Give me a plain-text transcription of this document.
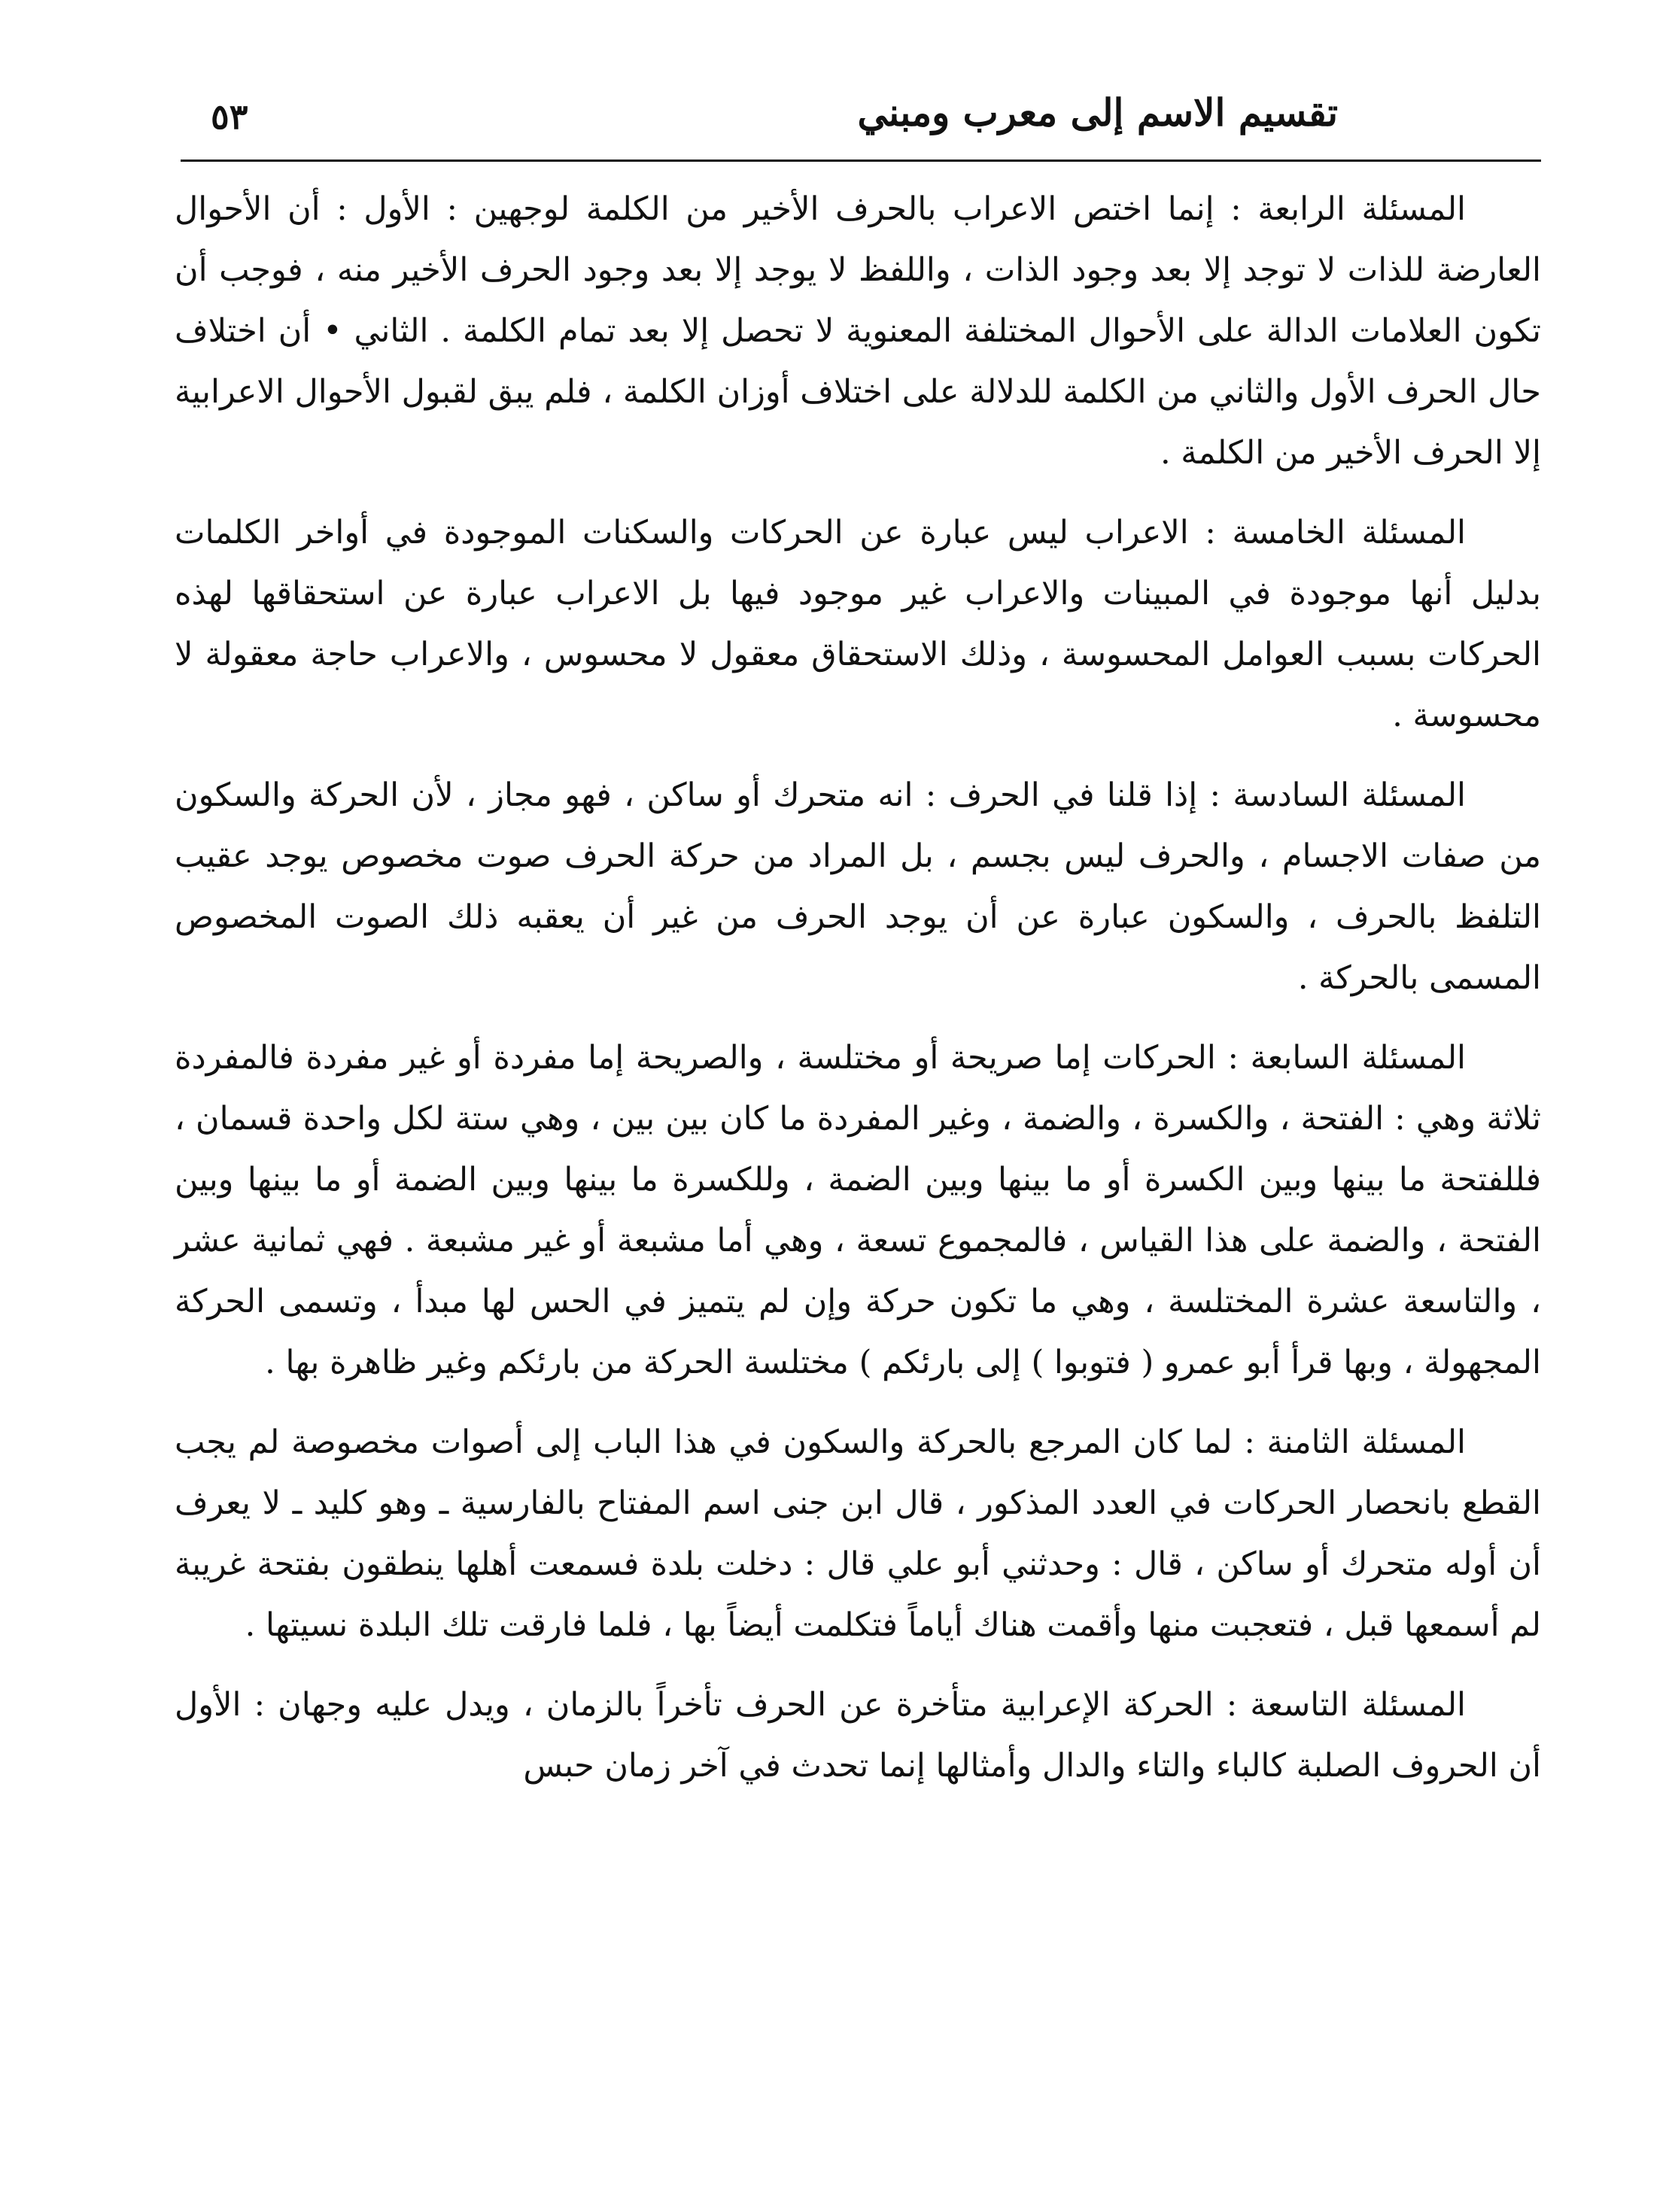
تقسيم الاسم إلى معرب ومبني
٥٣

المسئلة الرابعة : إنما اختص الاعراب بالحرف الأخير من الكلمة لوجهين : الأول : أن الأحوال العارضة للذات لا توجد إلا بعد وجود الذات ، واللفظ لا يوجد إلا بعد وجود الحرف الأخير منه ، فوجب أن تكون العلامات الدالة على الأحوال المختلفة المعنوية لا تحصل إلا بعد تمام الكلمة . الثاني • أن اختلاف حال الحرف الأول والثاني من الكلمة للدلالة على اختلاف أوزان الكلمة ، فلم يبق لقبول الأحوال الاعرابية إلا الحرف الأخير من الكلمة .

المسئلة الخامسة : الاعراب ليس عبارة عن الحركات والسكنات الموجودة في أواخر الكلمات بدليل أنها موجودة في المبينات والاعراب غير موجود فيها بل الاعراب عبارة عن استحقاقها لهذه الحركات بسبب العوامل المحسوسة ، وذلك الاستحقاق معقول لا محسوس ، والاعراب حاجة معقولة لا محسوسة .

المسئلة السادسة : إذا قلنا في الحرف : انه متحرك أو ساكن ، فهو مجاز ، لأن الحركة والسكون من صفات الاجسام ، والحرف ليس بجسم ، بل المراد من حركة الحرف صوت مخصوص يوجد عقيب التلفظ بالحرف ، والسكون عبارة عن أن يوجد الحرف من غير أن يعقبه ذلك الصوت المخصوص المسمى بالحركة .

المسئلة السابعة : الحركات إما صريحة أو مختلسة ، والصريحة إما مفردة أو غير مفردة فالمفردة ثلاثة وهي : الفتحة ، والكسرة ، والضمة ، وغير المفردة ما كان بين بين ، وهي ستة لكل واحدة قسمان ، فللفتحة ما بينها وبين الكسرة أو ما بينها وبين الضمة ، وللكسرة ما بينها وبين الضمة أو ما بينها وبين الفتحة ، والضمة على هذا القياس ، فالمجموع تسعة ، وهي أما مشبعة أو غير مشبعة . فهي ثمانية عشر ، والتاسعة عشرة المختلسة ، وهي ما تكون حركة وإن لم يتميز في الحس لها مبدأ ، وتسمى الحركة المجهولة ، وبها قرأ أبو عمرو ( فتوبوا ) إلى بارئكم ) مختلسة الحركة من بارئكم وغير ظاهرة بها .

المسئلة الثامنة : لما كان المرجع بالحركة والسكون في هذا الباب إلى أصوات مخصوصة لم يجب القطع بانحصار الحركات في العدد المذكور ، قال ابن جنى اسم المفتاح بالفارسية ـ وهو كليد ـ لا يعرف أن أوله متحرك أو ساكن ، قال : وحدثني أبو علي قال : دخلت بلدة فسمعت أهلها ينطقون بفتحة غريبة لم أسمعها قبل ، فتعجبت منها وأقمت هناك أياماً فتكلمت أيضاً بها ، فلما فارقت تلك البلدة نسيتها .

المسئلة التاسعة : الحركة الإعرابية متأخرة عن الحرف تأخراً بالزمان ، ويدل عليه وجهان : الأول أن الحروف الصلبة كالباء والتاء والدال وأمثالها إنما تحدث في آخر زمان حبس
